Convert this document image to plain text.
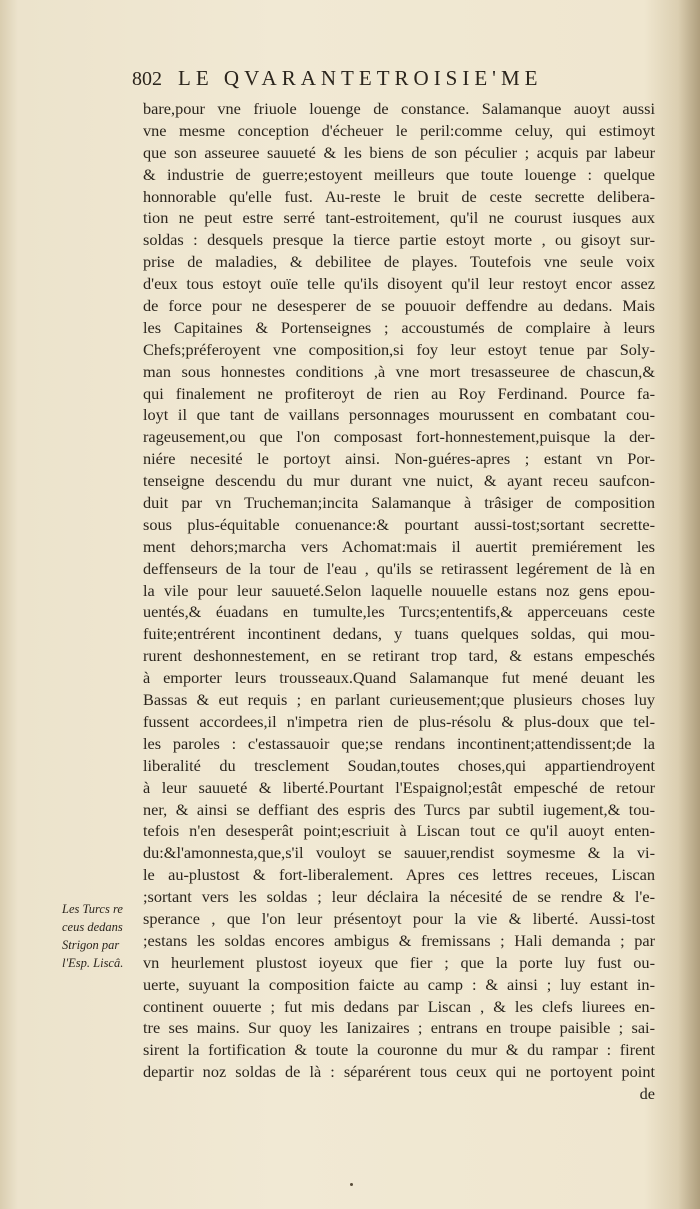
802 LE QVARANTETROISIE'ME
bare,pour vne friuole louenge de constance. Salamanque auoyt aussi
vne mesme conception d'écheuer le peril:comme celuy, qui estimoyt
que son asseuree sauueté & les biens de son péculier ; acquis par labeur
& industrie de guerre;estoyent meilleurs que toute louenge : quelque
honnorable qu'elle fust. Au-reste le bruit de ceste secrette delibera-
tion ne peut estre serré tant-estroitement, qu'il ne courust iusques aux
soldas : desquels presque la tierce partie estoyt morte , ou gisoyt sur-
prise de maladies, & debilitee de playes. Toutefois vne seule voix
d'eux tous estoyt ouïe telle qu'ils disoyent qu'il leur restoyt encor assez
de force pour ne desesperer de se pouuoir deffendre au dedans. Mais
les Capitaines & Portenseignes ; accoustumés de complaire à leurs
Chefs;préferoyent vne composition,si foy leur estoyt tenue par Soly-
man sous honnestes conditions ,à vne mort tresasseuree de chascun,&
qui finalement ne profiteroyt de rien au Roy Ferdinand. Pource fa-
loyt il que tant de vaillans personnages mourussent en combatant cou-
rageusement,ou que l'on composast fort-honnestement,puisque la der-
niére necesité le portoyt ainsi. Non-guéres-apres ; estant vn Por-
tenseigne descendu du mur durant vne nuict, & ayant receu saufcon-
duit par vn Trucheman;incita Salamanque à trâsiger de composition
sous plus-équitable conuenance:& pourtant aussi-tost;sortant secrette-
ment dehors;marcha vers Achomat:mais il auertit premiérement les
deffenseurs de la tour de l'eau , qu'ils se retirassent legérement de là en
la vile pour leur sauueté.Selon laquelle nouuelle estans noz gens epou-
uentés,& éuadans en tumulte,les Turcs;ententifs,& apperceuans ceste
fuite;entrérent incontinent dedans, y tuans quelques soldas, qui mou-
rurent deshonnestement, en se retirant trop tard, & estans empeschés
à emporter leurs trousseaux.Quand Salamanque fut mené deuant les
Bassas & eut requis ; en parlant curieusement;que plusieurs choses luy
fussent accordees,il n'impetra rien de plus-résolu & plus-doux que tel-
les paroles : c'estassauoir que;se rendans incontinent;attendissent;de la
liberalité du tresclement Soudan,toutes choses,qui appartiendroyent
à leur sauueté & liberté.Pourtant l'Espaignol;estât empesché de retour
ner, & ainsi se deffiant des espris des Turcs par subtil iugement,& tou-
tefois n'en desesperât point;escriuit à Liscan tout ce qu'il auoyt enten-
du:&l'amonnesta,que,s'il vouloyt se sauuer,rendist soymesme & la vi-
le au-plustost & fort-liberalement. Apres ces lettres receues, Liscan
;sortant vers les soldas ; leur déclaira la nécesité de se rendre & l'e-
sperance , que l'on leur présentoyt pour la vie & liberté. Aussi-tost
;estans les soldas encores ambigus & fremissans ; Hali demanda ; par
vn heurlement plustost ioyeux que fier ; que la porte luy fust ou-
uerte, suyuant la composition faicte au camp : & ainsi ; luy estant in-
continent ouuerte ; fut mis dedans par Liscan , & les clefs liurees en-
tre ses mains. Sur quoy les Ianizaires ; entrans en troupe paisible ; sai-
sirent la fortification & toute la couronne du mur & du rampar : firent
departir noz soldas de là : séparérent tous ceux qui ne portoyent point
de
Les Turcs re
ceus dedans
Strigon par
l'Esp. Liscâ.
